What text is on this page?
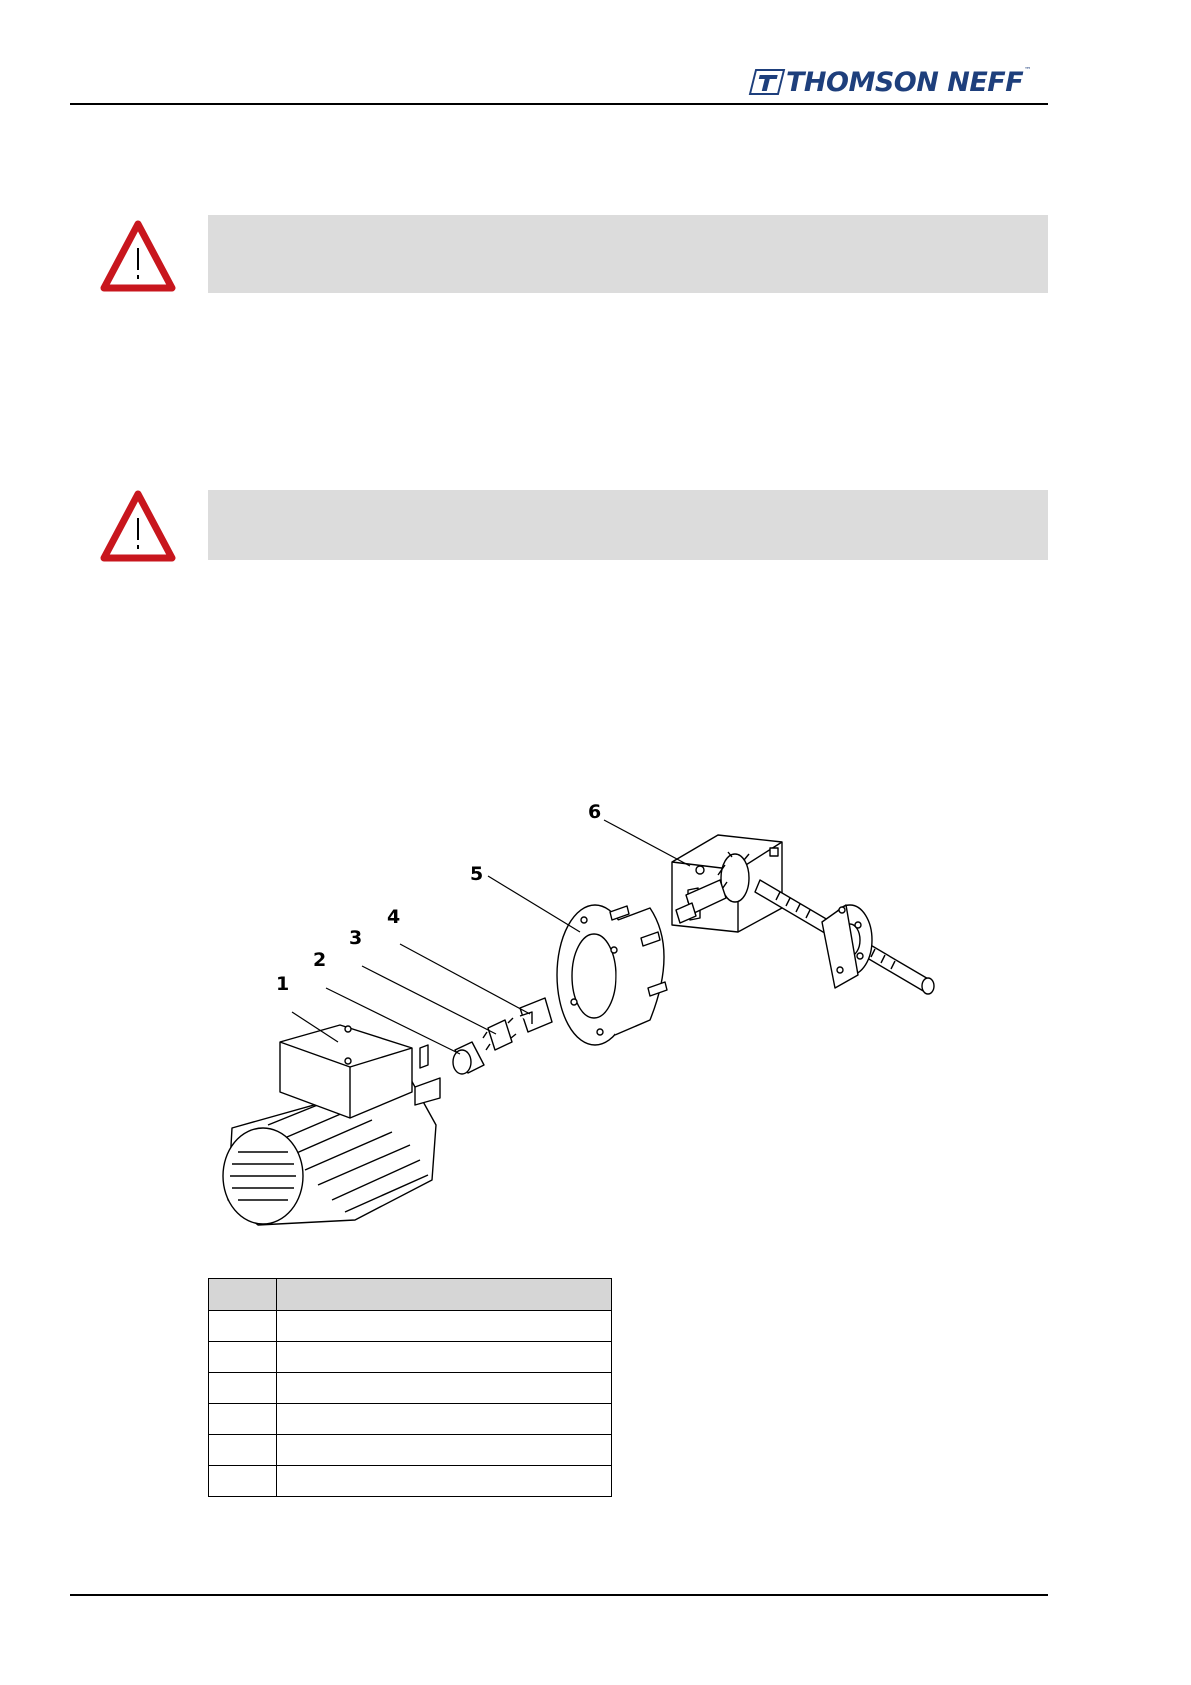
THOMSON NEFF ™
1
2
3
4
5
6
